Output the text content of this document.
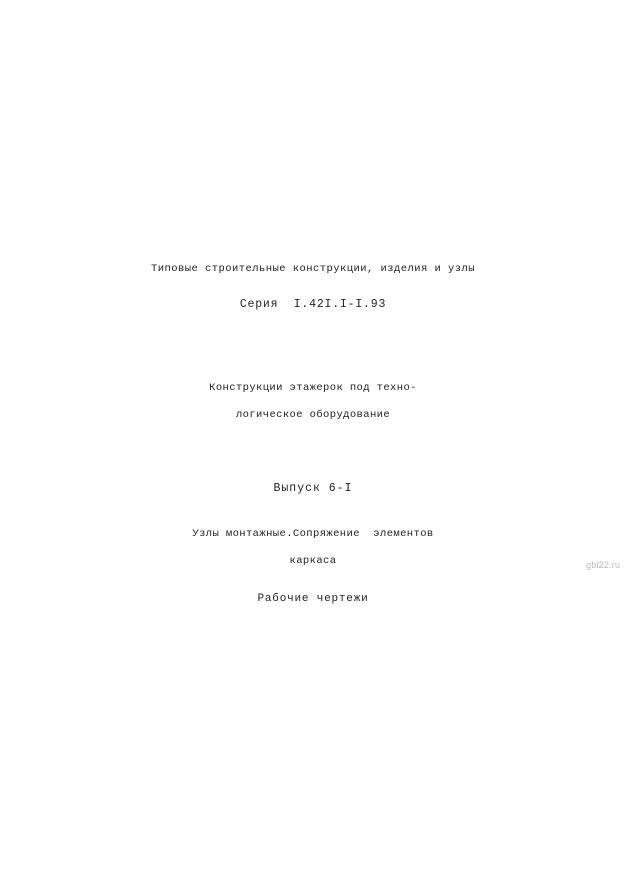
Типовые строительные конструкции, изделия и узлы
Серия  I.42I.I-I.93
Конструкции этажерок под техно-
логическое оборудование
Выпуск 6-I
Узлы монтажные.Сопряжение  элементов
каркаса
Рабочие чертежи
gbi22.ru
